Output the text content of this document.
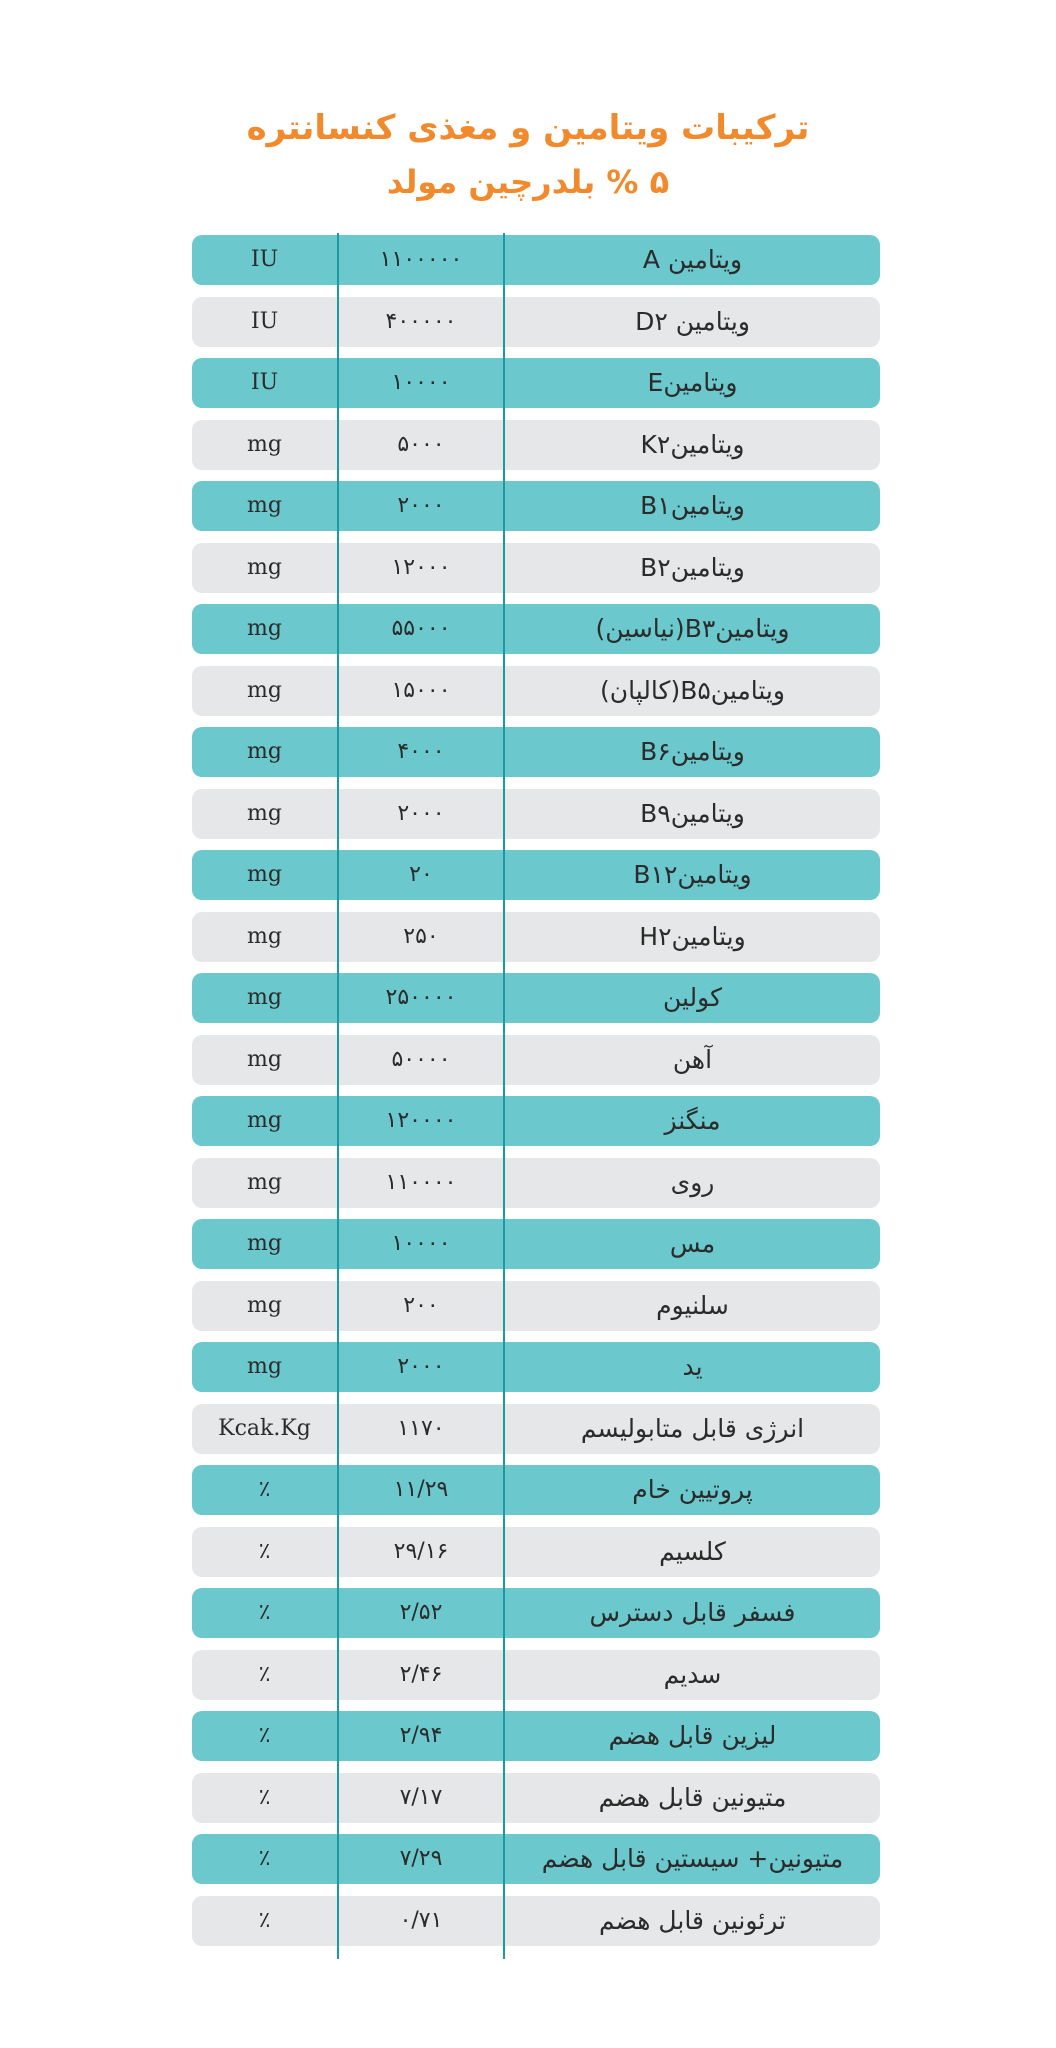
ترکیبات ویتامین و مغذی کنسانتره
۵ % بلدرچین مولد
IU	۱۱۰۰۰۰۰	ویتامین A
IU	۴۰۰۰۰۰	ویتامین D۲
IU	۱۰۰۰۰	ویتامینE
mg	۵۰۰۰	ویتامینK۲
mg	۲۰۰۰	ویتامینB۱
mg	۱۲۰۰۰	ویتامینB۲
mg	۵۵۰۰۰	ویتامینB۳(نیاسین)
mg	۱۵۰۰۰	ویتامینB۵(کالپان)
mg	۴۰۰۰	ویتامینB۶
mg	۲۰۰۰	ویتامینB۹
mg	۲۰	ویتامینB۱۲
mg	۲۵۰	ویتامینH۲
mg	۲۵۰۰۰۰	کولین
mg	۵۰۰۰۰	آهن
mg	۱۲۰۰۰۰	منگنز
mg	۱۱۰۰۰۰	روی
mg	۱۰۰۰۰	مس
mg	۲۰۰	سلنیوم
mg	۲۰۰۰	ید
Kcak.Kg	۱۱۷۰	انرژی قابل متابولیسم
٪	۱۱/۲۹	پروتیین خام
٪	۲۹/۱۶	کلسیم
٪	۲/۵۲	فسفر قابل دسترس
٪	۲/۴۶	سدیم
٪	۲/۹۴	لیزین قابل هضم
٪	۷/۱۷	متیونین قابل هضم
٪	۷/۲۹	متیونین+ سیستین قابل هضم
٪	۰/۷۱	ترئونین قابل هضم
